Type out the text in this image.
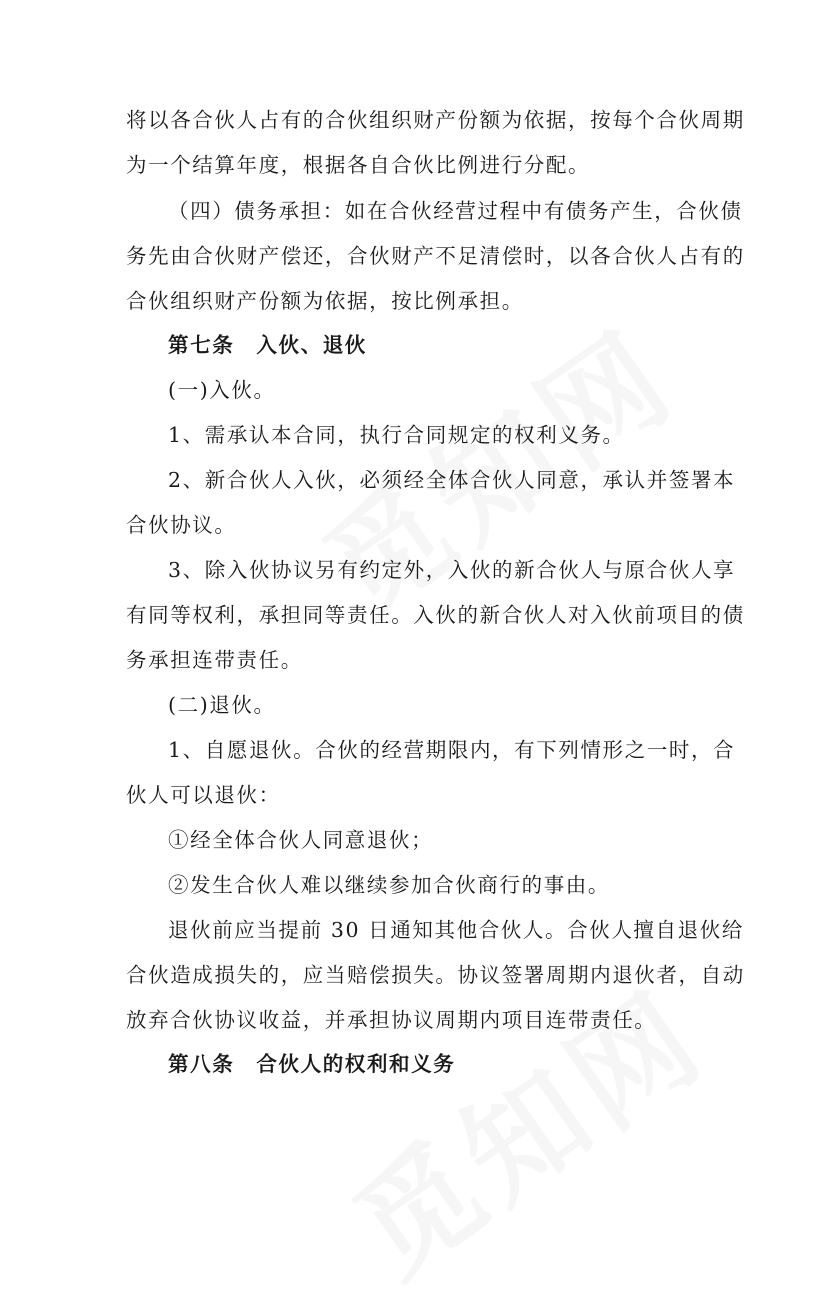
将以各合伙人占有的合伙组织财产份额为依据，按每个合伙周期
为一个结算年度，根据各自合伙比例进行分配。
（四）债务承担：如在合伙经营过程中有债务产生，合伙债
务先由合伙财产偿还，合伙财产不足清偿时，以各合伙人占有的
合伙组织财产份额为依据，按比例承担。
第七条　入伙、退伙
(一)入伙。
1、需承认本合同，执行合同规定的权利义务。
2、新合伙人入伙，必须经全体合伙人同意，承认并签署本
合伙协议。
3、除入伙协议另有约定外，入伙的新合伙人与原合伙人享
有同等权利，承担同等责任。入伙的新合伙人对入伙前项目的债
务承担连带责任。
(二)退伙。
1、自愿退伙。合伙的经营期限内，有下列情形之一时，合
伙人可以退伙：
①经全体合伙人同意退伙；
②发生合伙人难以继续参加合伙商行的事由。
退伙前应当提前 30 日通知其他合伙人。合伙人擅自退伙给
合伙造成损失的，应当赔偿损失。协议签署周期内退伙者，自动
放弃合伙协议收益，并承担协议周期内项目连带责任。
第八条　合伙人的权利和义务
